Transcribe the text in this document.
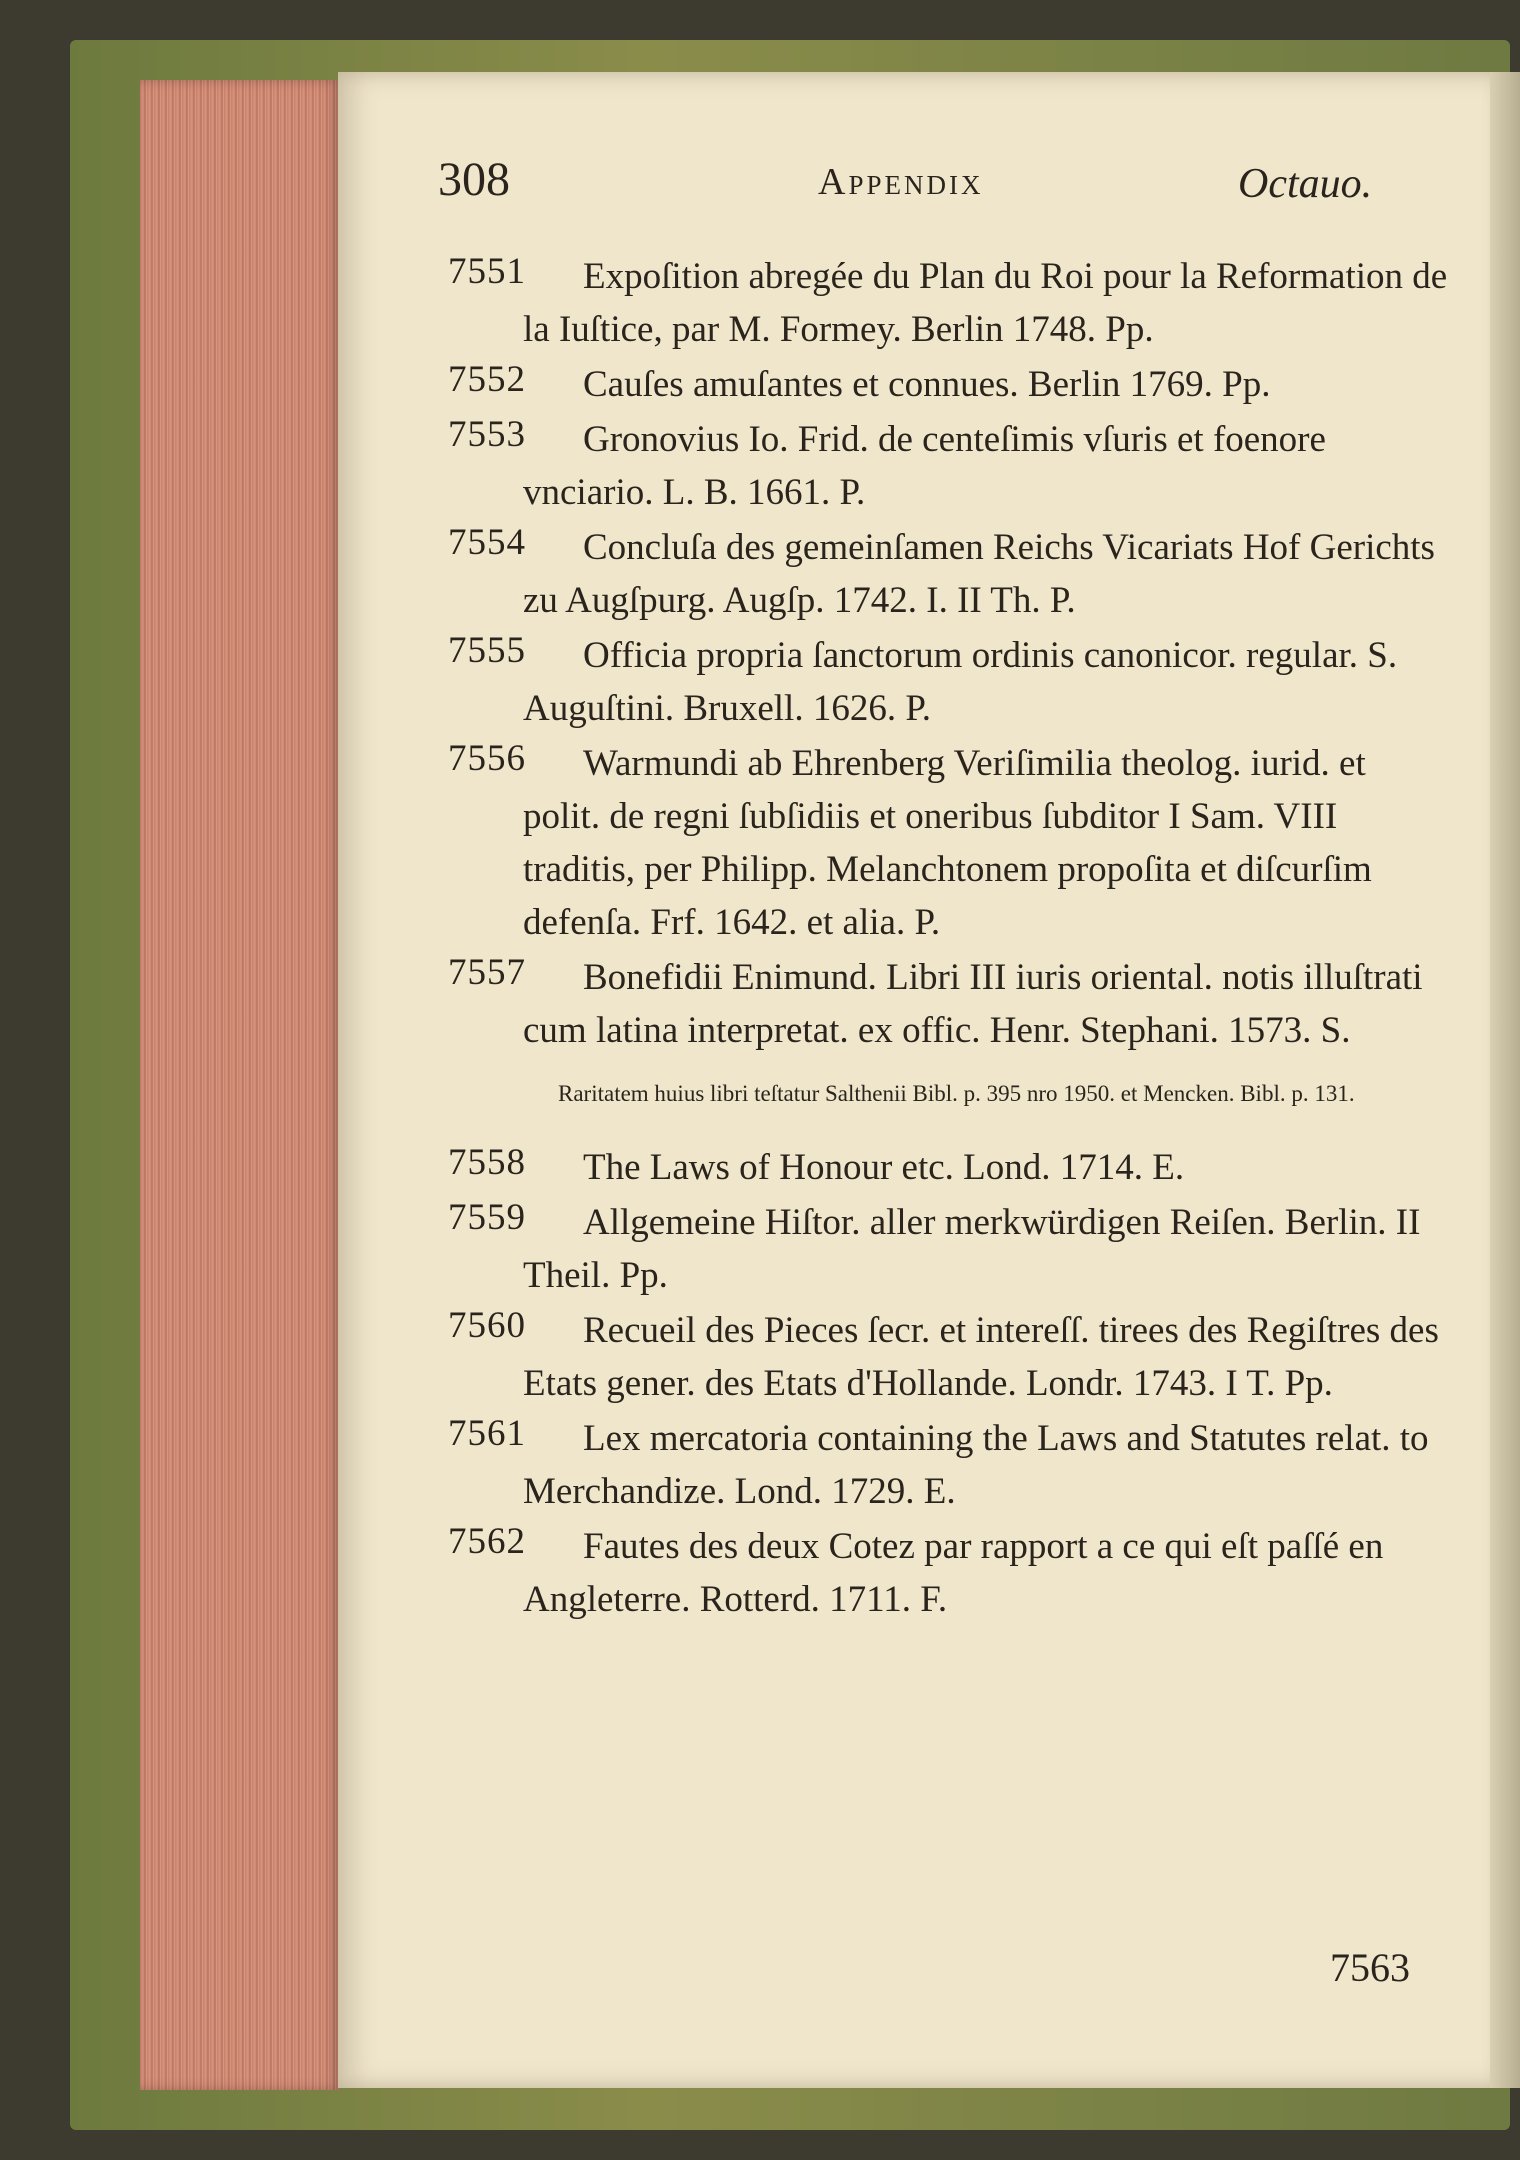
308	Appendix	Octauo.
7551	Expoſition abregée du Plan du Roi pour la Reformation de la Iuſtice, par M. Formey. Berlin 1748. Pp.
7552	Cauſes amuſantes et connues. Berlin 1769. Pp.
7553	Gronovius Io. Frid. de centeſimis vſuris et foenore vnciario. L. B. 1661. P.
7554	Concluſa des gemeinſamen Reichs Vicariats Hof Gerichts zu Augſpurg. Augſp. 1742. I. II Th. P.
7555	Officia propria ſanctorum ordinis canonicor. regular. S. Auguſtini. Bruxell. 1626. P.
7556	Warmundi ab Ehrenberg Veriſimilia theolog. iurid. et polit. de regni ſubſidiis et oneribus ſubditor I Sam. VIII traditis, per Philipp. Melanchtonem propoſita et diſcurſim defenſa. Frf. 1642. et alia. P.
7557	Bonefidii Enimund. Libri III iuris oriental. notis illuſtrati cum latina interpretat. ex offic. Henr. Stephani. 1573. S.
Raritatem huius libri teſtatur Salthenii Bibl. p. 395 nro 1950. et Mencken. Bibl. p. 131.
7558	The Laws of Honour etc. Lond. 1714. E.
7559	Allgemeine Hiſtor. aller merkwürdigen Reiſen. Berlin. II Theil. Pp.
7560	Recueil des Pieces ſecr. et intereſſ. tirees des Regiſtres des Etats gener. des Etats d'Hollande. Londr. 1743. I T. Pp.
7561	Lex mercatoria containing the Laws and Statutes relat. to Merchandize. Lond. 1729. E.
7562	Fautes des deux Cotez par rapport a ce qui eſt paſſé en Angleterre. Rotterd. 1711. F.
7563
